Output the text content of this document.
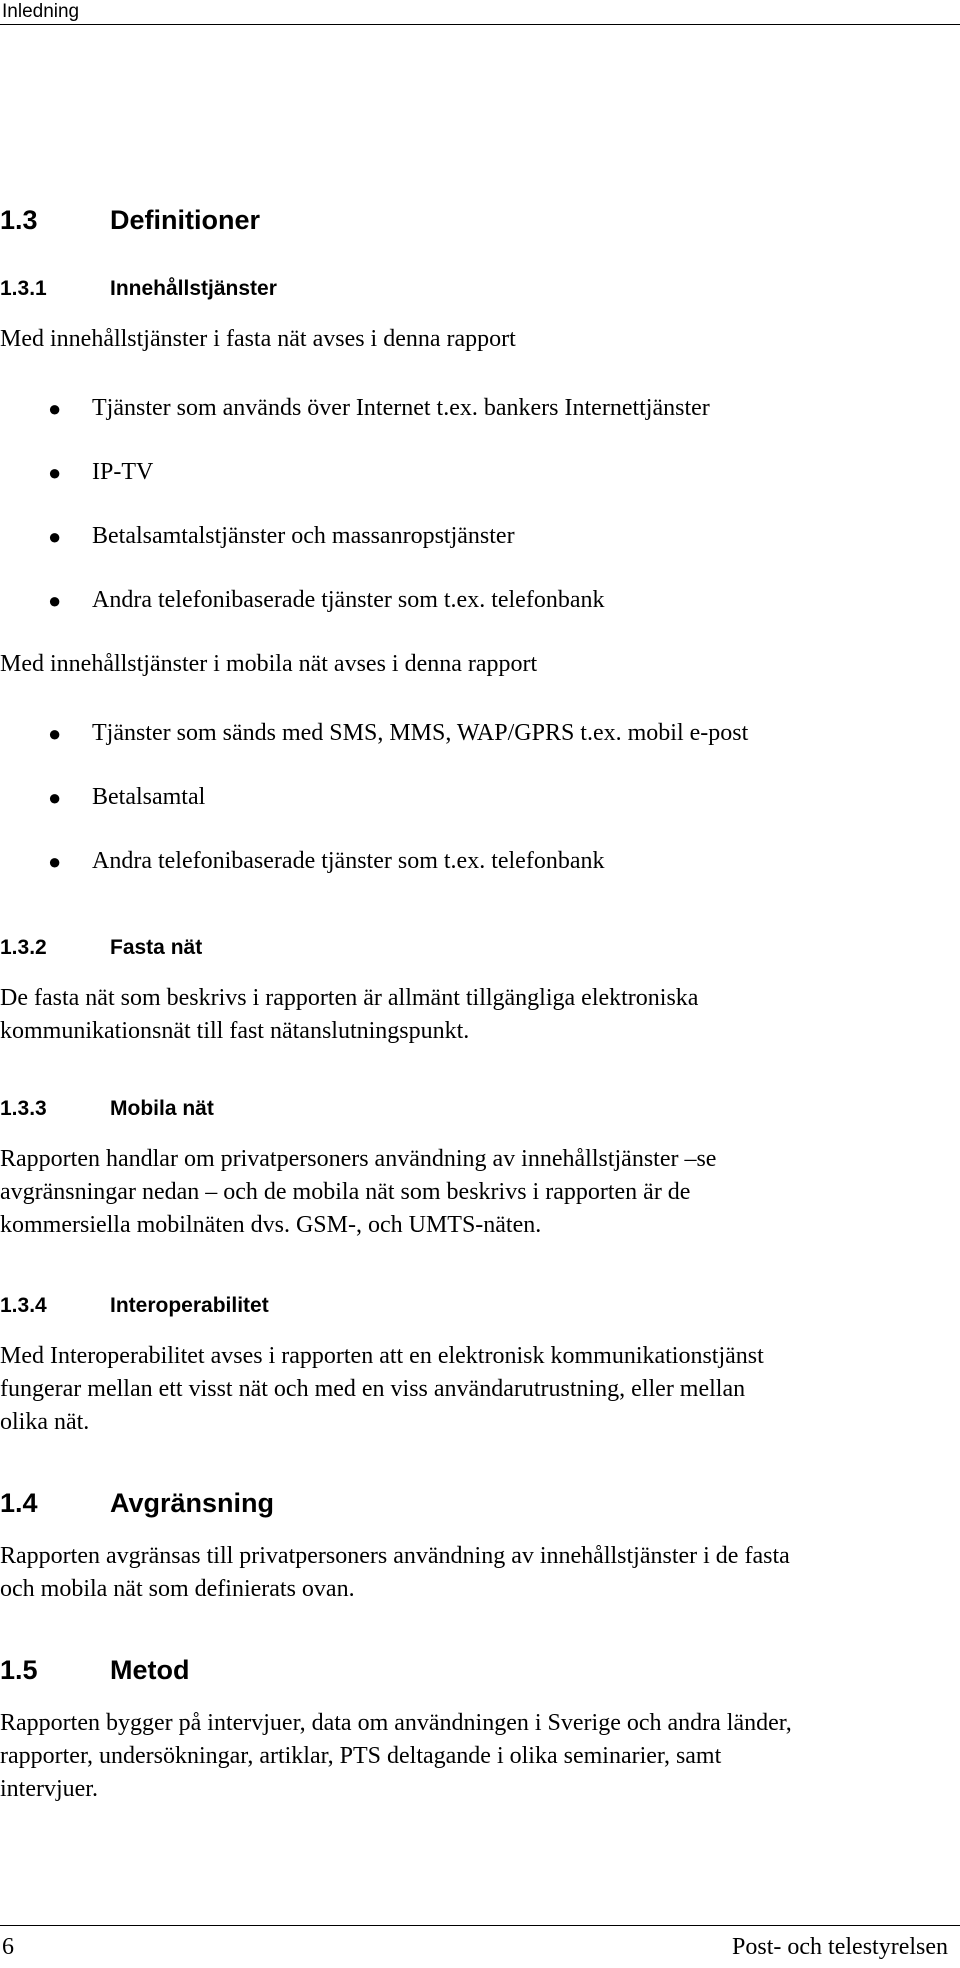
Inledning
1.3	Definitioner
1.3.1	Innehållstjänster
Med innehållstjänster i fasta nät avses i denna rapport
● Tjänster som används över Internet t.ex. bankers Internettjänster
● IP-TV
● Betalsamtalstjänster och massanropstjänster
● Andra telefonibaserade tjänster som t.ex. telefonbank
Med innehållstjänster i mobila nät avses i denna rapport
● Tjänster som sänds med SMS, MMS, WAP/GPRS t.ex. mobil e-post
● Betalsamtal
● Andra telefonibaserade tjänster som t.ex. telefonbank
1.3.2	Fasta nät
De fasta nät som beskrivs i rapporten är allmänt tillgängliga elektroniska
kommunikationsnät till fast nätanslutningspunkt.
1.3.3	Mobila nät
Rapporten handlar om privatpersoners användning av innehållstjänster –se
avgränsningar nedan – och de mobila nät som beskrivs i rapporten är de
kommersiella mobilnäten dvs. GSM-, och UMTS-näten.
1.3.4	Interoperabilitet
Med Interoperabilitet avses i rapporten att en elektronisk kommunikationstjänst
fungerar mellan ett visst nät och med en viss användarutrustning, eller mellan
olika nät.
1.4	Avgränsning
Rapporten avgränsas till privatpersoners användning av innehållstjänster i de fasta
och mobila nät som definierats ovan.
1.5	Metod
Rapporten bygger på intervjuer, data om användningen i Sverige och andra länder,
rapporter, undersökningar, artiklar, PTS deltagande i olika seminarier, samt
intervjuer.
6	Post- och telestyrelsen
